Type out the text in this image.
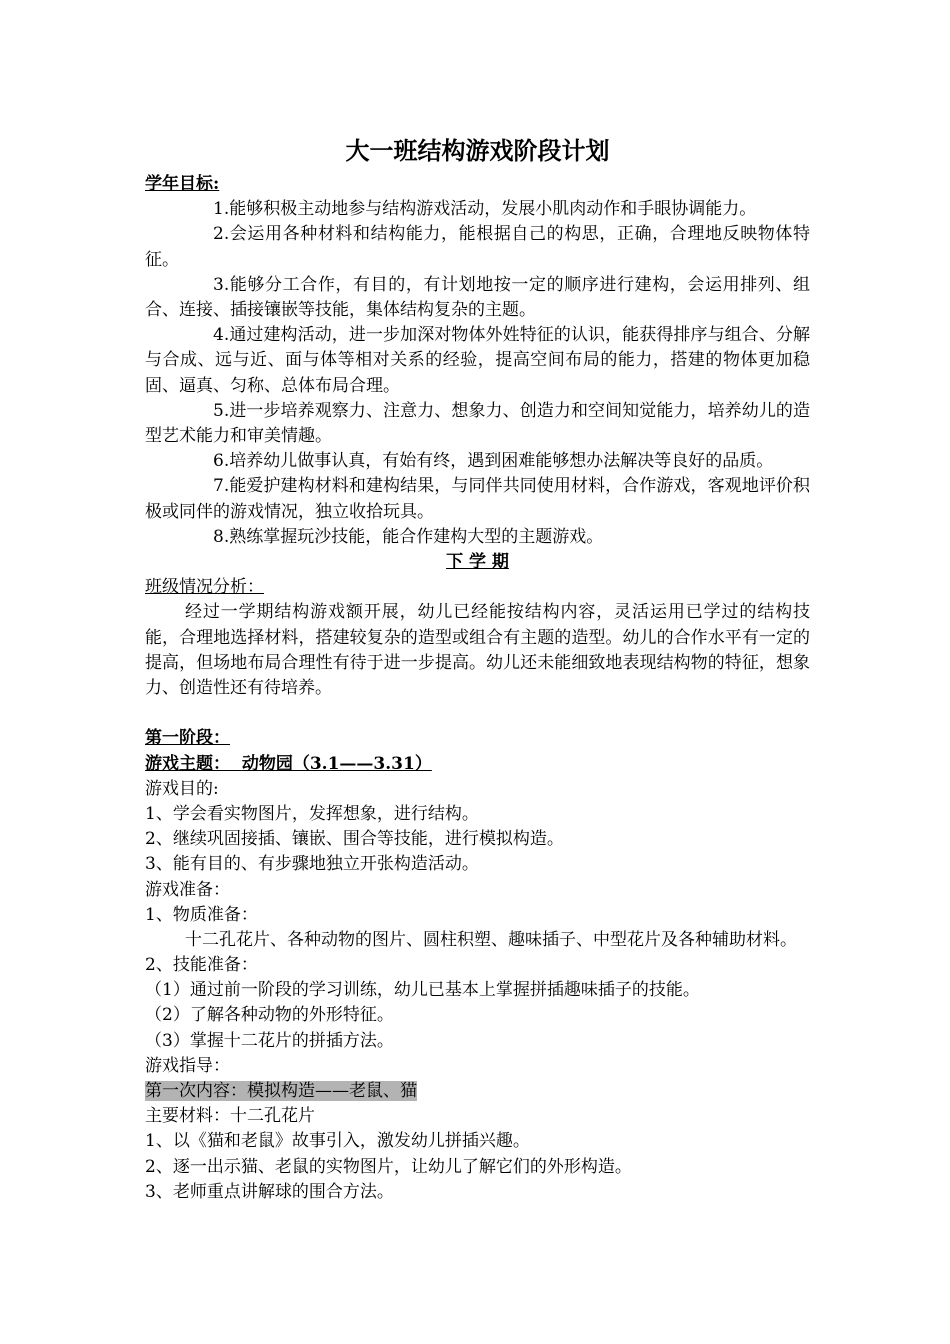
大一班结构游戏阶段计划
学年目标:
1.能够积极主动地参与结构游戏活动，发展小肌肉动作和手眼协调能力。
2.会运用各种材料和结构能力，能根据自己的构思，正确，合理地反映物体特征。
3.能够分工合作，有目的，有计划地按一定的顺序进行建构，会运用排列、组合、连接、插接镶嵌等技能，集体结构复杂的主题。
4.通过建构活动，进一步加深对物体外姓特征的认识，能获得排序与组合、分解与合成、远与近、面与体等相对关系的经验，提高空间布局的能力，搭建的物体更加稳固、逼真、匀称、总体布局合理。
5.进一步培养观察力、注意力、想象力、创造力和空间知觉能力，培养幼儿的造型艺术能力和审美情趣。
6.培养幼儿做事认真，有始有终，遇到困难能够想办法解决等良好的品质。
7.能爱护建构材料和建构结果，与同伴共同使用材料，合作游戏，客观地评价积极或同伴的游戏情况，独立收拾玩具。
8.熟练掌握玩沙技能，能合作建构大型的主题游戏。
下 学 期
班级情况分析：
经过一学期结构游戏额开展，幼儿已经能按结构内容，灵活运用已学过的结构技能，合理地选择材料，搭建较复杂的造型或组合有主题的造型。幼儿的合作水平有一定的提高，但场地布局合理性有待于进一步提高。幼儿还未能细致地表现结构物的特征，想象力、创造性还有待培养。
第一阶段：
游戏主题： 动物园（3.1——3.31）
游戏目的:
1、学会看实物图片，发挥想象，进行结构。
2、继续巩固接插、镶嵌、围合等技能，进行模拟构造。
3、能有目的、有步骤地独立开张构造活动。
游戏准备：
1、物质准备：
十二孔花片、各种动物的图片、圆柱积塑、趣味插子、中型花片及各种辅助材料。
2、技能准备：
（1）通过前一阶段的学习训练，幼儿已基本上掌握拼插趣味插子的技能。
（2）了解各种动物的外形特征。
（3）掌握十二花片的拼插方法。
游戏指导：
第一次内容：模拟构造——老鼠、猫
主要材料：十二孔花片
1、以《猫和老鼠》故事引入，激发幼儿拼插兴趣。
2、逐一出示猫、老鼠的实物图片，让幼儿了解它们的外形构造。
3、老师重点讲解球的围合方法。
